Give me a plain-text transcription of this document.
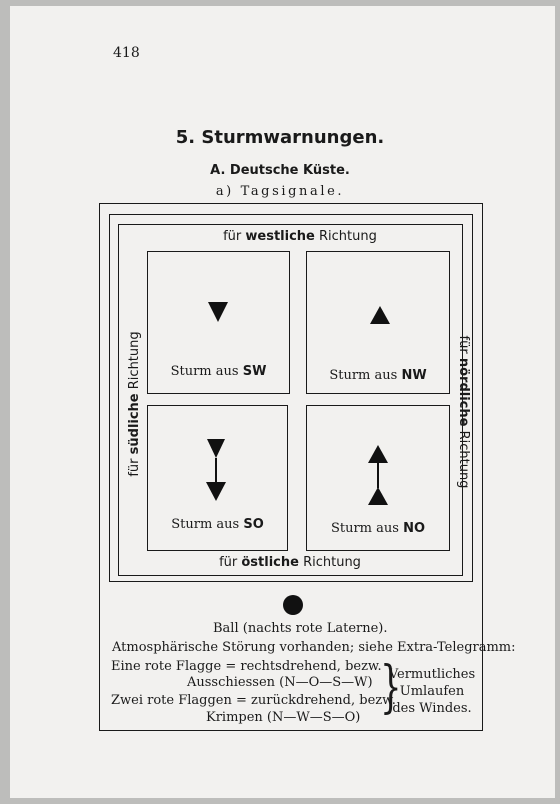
418
5. Sturmwarnungen.
A. Deutsche Küste.
a) Tagsignale.
für westliche Richtung
für östliche Richtung
für südliche Richtung	für nördliche Richtung
Sturm aus SW	Sturm aus NW
Sturm aus SO	Sturm aus NO
Ball (nachts rote Laterne).
Atmosphärische Störung vorhanden; siehe Extra-Telegramm:
Eine rote Flagge = rechtsdrehend, bezw.
Ausschiessen (N—O—S—W)
Zwei rote Flaggen = zurückdrehend, bezw.
Krimpen (N—W—S—O) }
Vermutliches
Umlaufen
des Windes.
